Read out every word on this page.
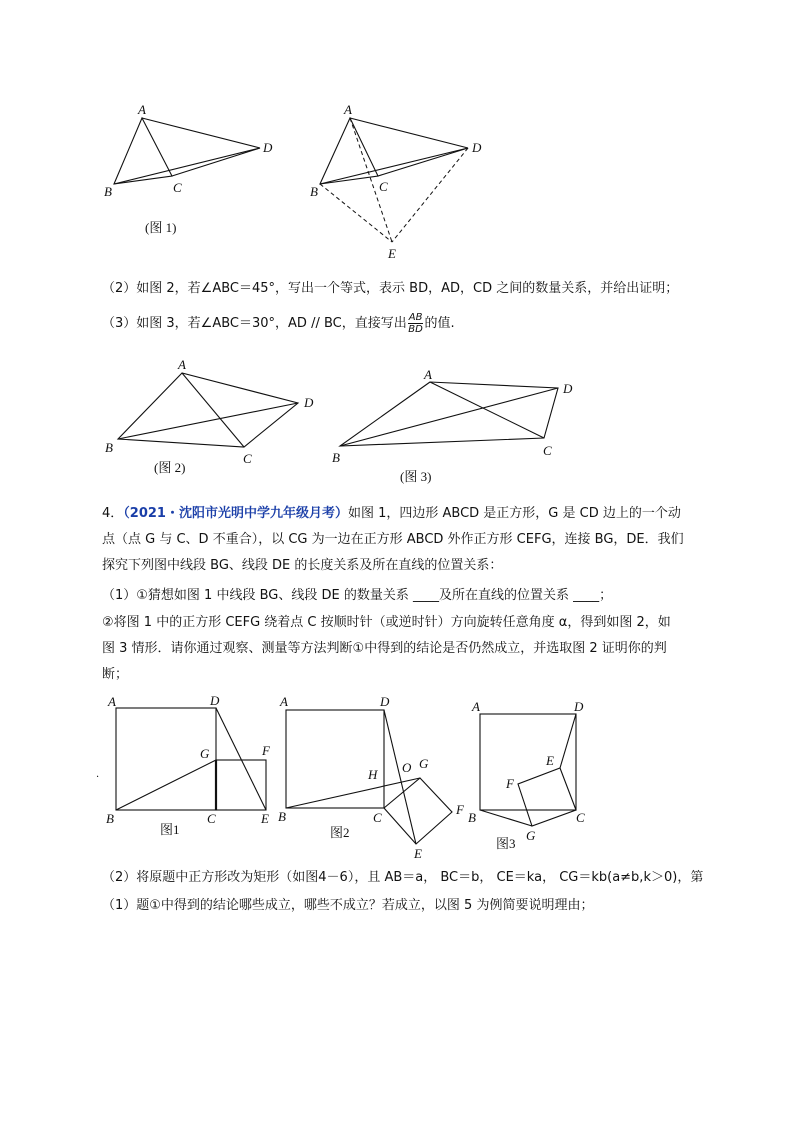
A
B	C
D
(图 1)
A
B	C
D
E
（2）如图 2，若∠ABC＝45°，写出一个等式，表示 BD，AD，CD 之间的数量关系，并给出证明；
（3）如图 3，若∠ABC＝30°，AD // BC，直接写出 $\frac{AB}{BD}$ 的值.
A
B
C
D
(图 2)
A
B	C
D
(图 3)
4．（2021・沈阳市光明中学九年级月考）如图 1，四边形 ABCD 是正方形，G 是 CD 边上的一个动
点（点 G 与 C、D 不重合），以 CG 为一边在正方形 ABCD 外作正方形 CEFG，连接 BG，DE．我们
探究下列图中线段 BG、线段 DE 的长度关系及所在直线的位置关系：
（1）①猜想如图 1 中线段 BG、线段 DE 的数量关系 ____及所在直线的位置关系 ____；
②将图 1 中的正方形 CEFG 绕着点 C 按顺时针（或逆时针）方向旋转任意角度 α，得到如图 2，如
图 3 情形．请你通过观察、测量等方法判断①中得到的结论是否仍然成立，并选取图 2 证明你的判
断；
A	D
G	F
B	C	E
图1
A	D
H O G
F
B	C
E
图2
A	D
E
F
B	C
G
图3
·
（2）将原题中正方形改为矩形（如图4－6），且 AB＝a， BC＝b， CE＝ka， CG＝kb(a≠b,k＞0)，第
（1）题①中得到的结论哪些成立，哪些不成立？若成立，以图 5 为例简要说明理由；
